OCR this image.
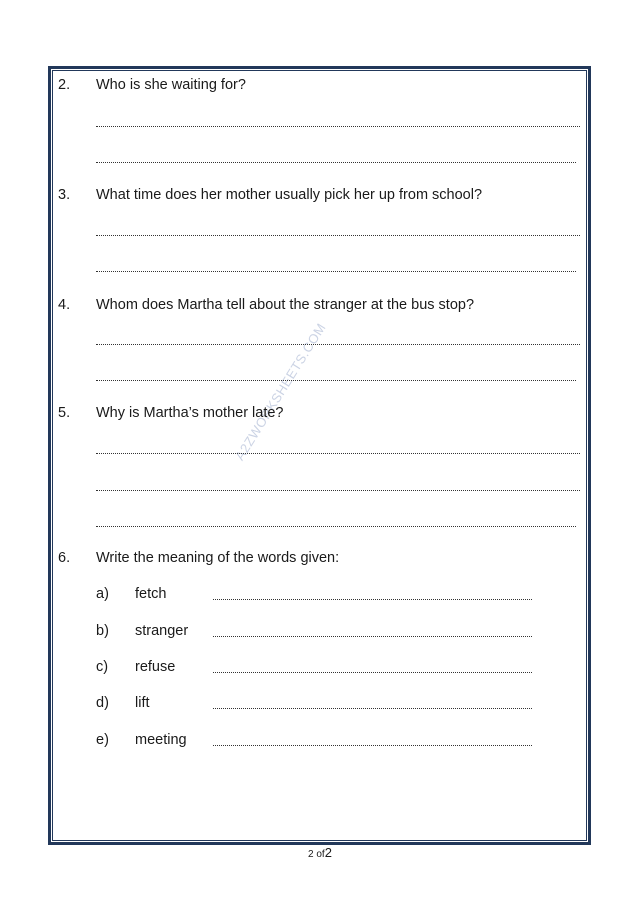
A2ZWORKSHEETS.COM
2. Who is she waiting for?
3. What time does her mother usually pick her up from school?
4. Whom does Martha tell about the stranger at the bus stop?
5. Why is Martha’s mother late?
6. Write the meaning of the words given:
a) fetch
b) stranger
c) refuse
d) lift
e) meeting
2 of2
